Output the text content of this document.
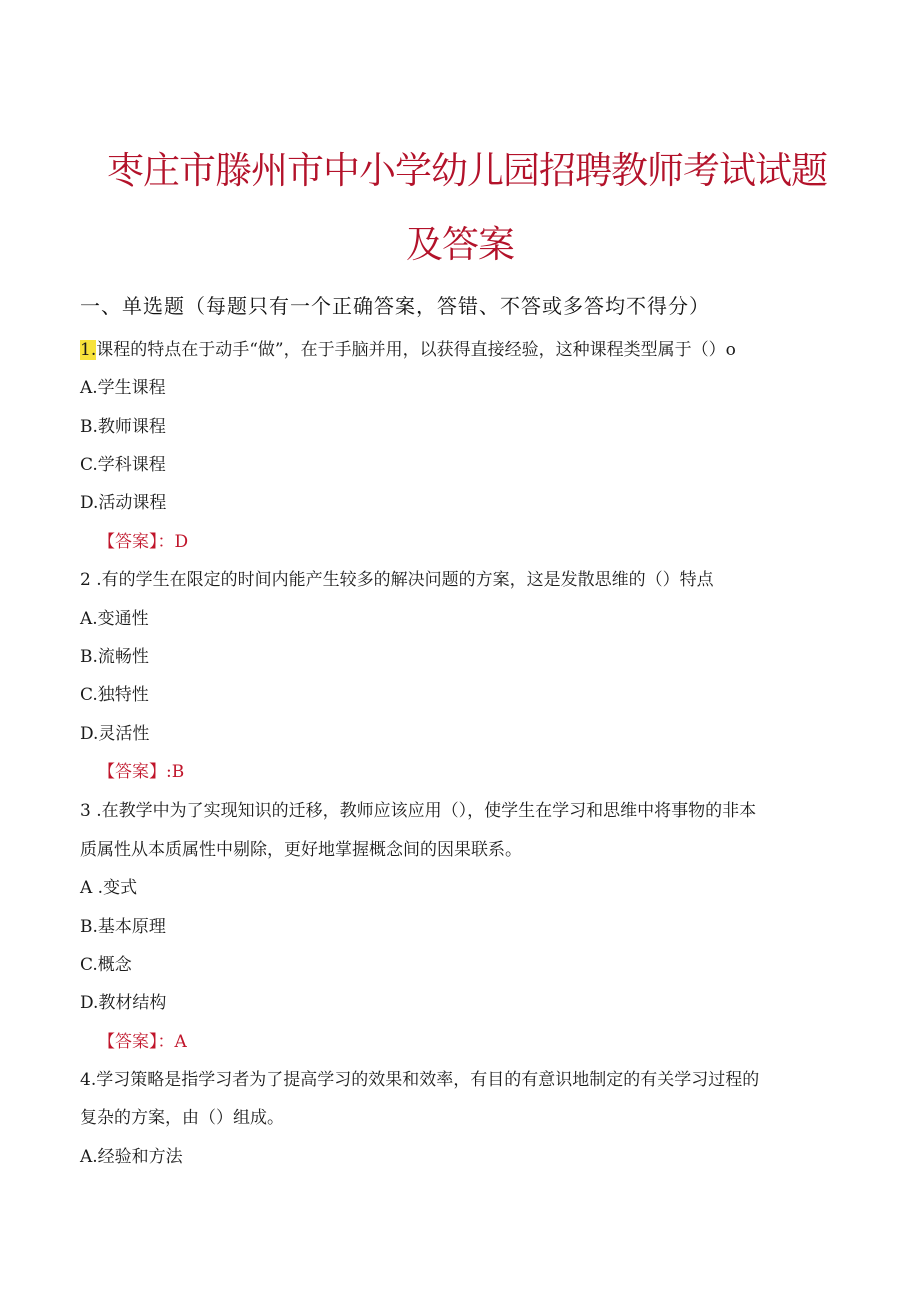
枣庄市滕州市中小学幼儿园招聘教师考试试题
及答案
一、单选题（每题只有一个正确答案，答错、不答或多答均不得分）
1.课程的特点在于动手“做”，在于手脑并用，以获得直接经验，这种课程类型属于（）o
A.学生课程
B.教师课程
C.学科课程
D.活动课程
【答案】：D
2 .有的学生在限定的时间内能产生较多的解决问题的方案，这是发散思维的（）特点
A.变通性
B.流畅性
C.独特性
D.灵活性
【答案】:B
3 .在教学中为了实现知识的迁移，教师应该应用（），使学生在学习和思维中将事物的非本
质属性从本质属性中剔除，更好地掌握概念间的因果联系。
A .变式
B.基本原理
C.概念
D.教材结构
【答案】：A
4.学习策略是指学习者为了提高学习的效果和效率，有目的有意识地制定的有关学习过程的
复杂的方案，由（）组成。
A.经验和方法
